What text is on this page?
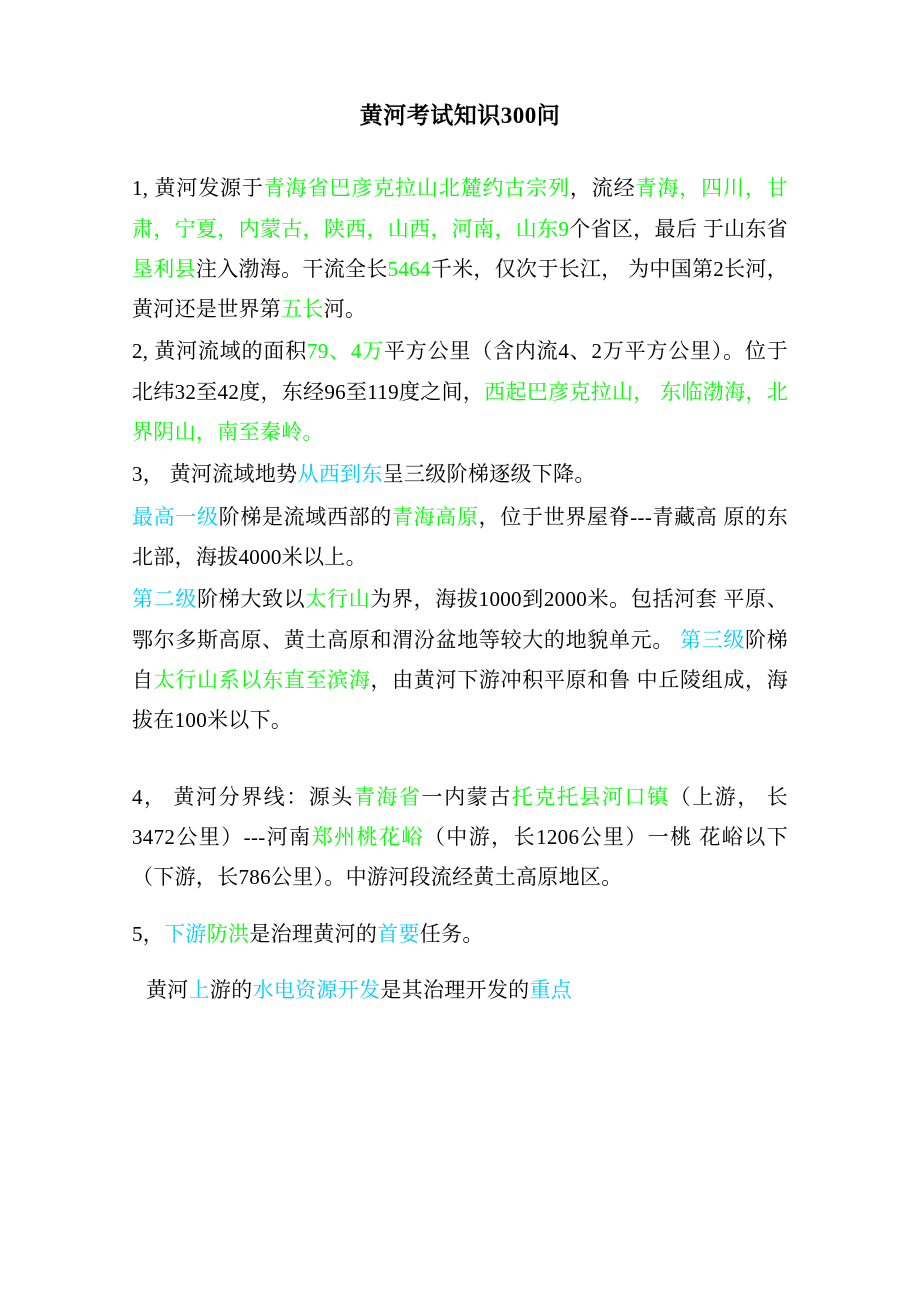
黄河考试知识300问

1, 黄河发源于青海省巴彦克拉山北麓约古宗列，流经青海，四川，甘肃，宁夏，内蒙古，陕西，山西，河南，山东9个省区，最后 于山东省垦利县注入渤海。干流全长5464千米，仅次于长江， 为中国第2长河，黄河还是世界第五长河。

2, 黄河流域的面积79、4万平方公里（含内流4、2万平方公里）。位于北纬32至42度，东经96至119度之间，西起巴彦克拉山， 东临渤海，北界阴山，南至秦岭。

3， 黄河流域地势从西到东呈三级阶梯逐级下降。

最高一级阶梯是流域西部的青海高原，位于世界屋脊---青藏高 原的东北部，海拔4000米以上。

第二级阶梯大致以太行山为界，海拔1000到2000米。包括河套 平原、鄂尔多斯高原、黄土高原和渭汾盆地等较大的地貌单元。 第三级阶梯自太行山系以东直至滨海，由黄河下游冲积平原和鲁 中丘陵组成，海拔在100米以下。

4， 黄河分界线：源头青海省一内蒙古托克托县河口镇（上游， 长3472公里）---河南郑州桃花峪（中游，长1206公里）一桃 花峪以下（下游，长786公里）。中游河段流经黄土高原地区。

5，下游防洪是治理黄河的首要任务。

黄河上游的水电资源开发是其治理开发的重点
